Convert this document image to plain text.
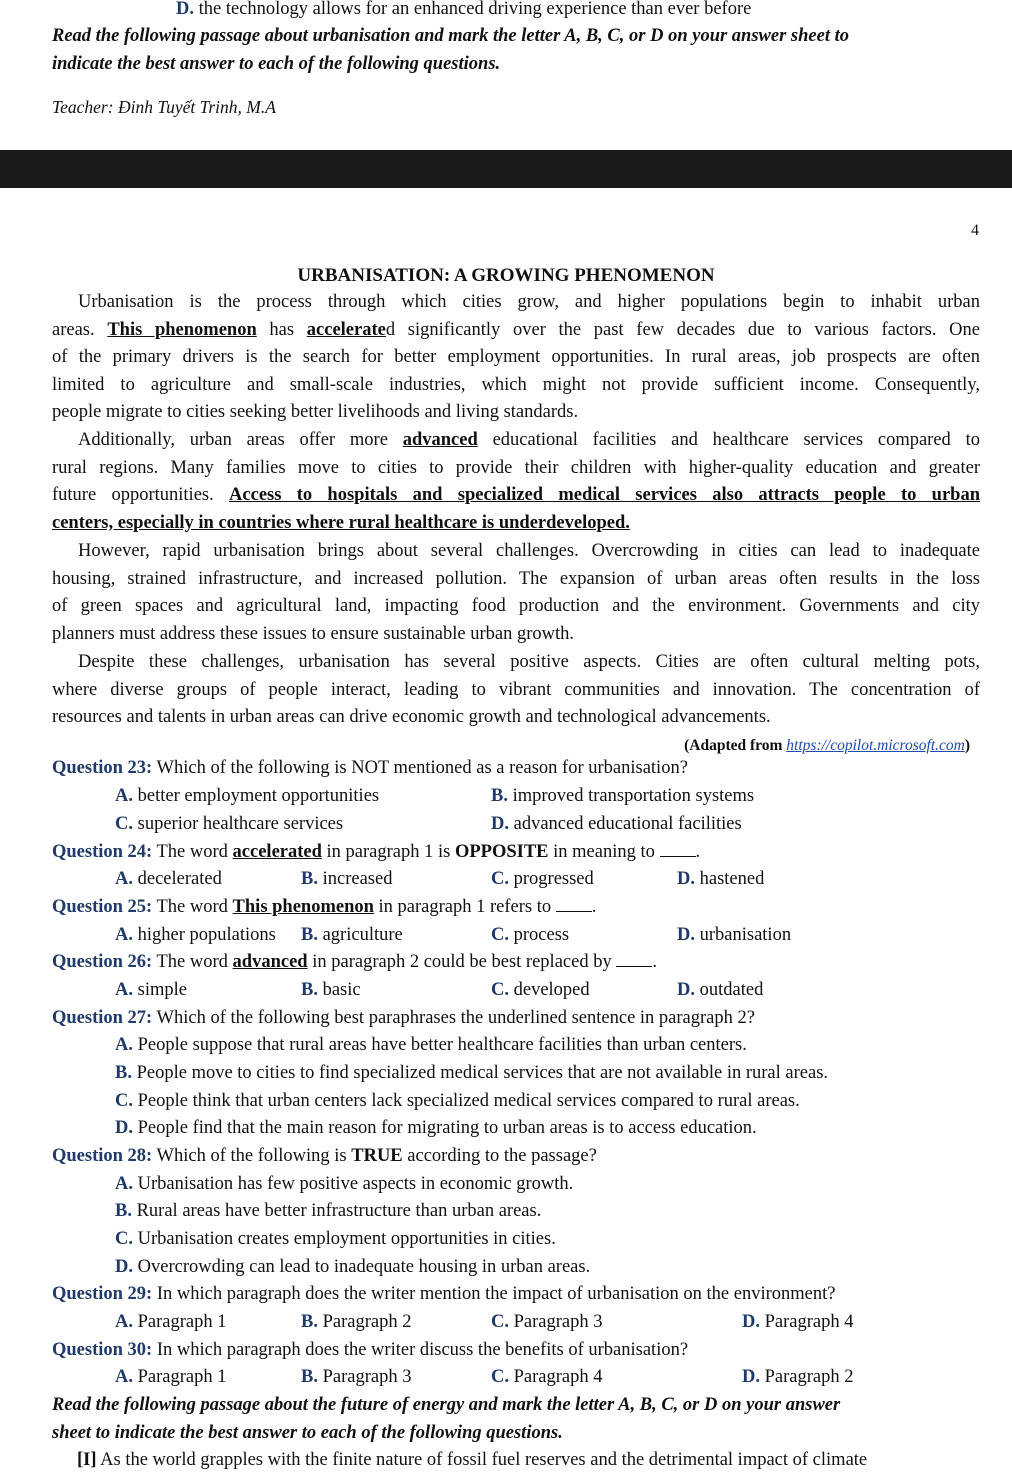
D. the technology allows for an enhanced driving experience than ever before
Read the following passage about urbanisation and mark the letter A, B, C, or D on your answer sheet to
indicate the best answer to each of the following questions.
Teacher: Đinh Tuyết Trinh, M.A
4
URBANISATION: A GROWING PHENOMENON
Urbanisation is the process through which cities grow, and higher populations begin to inhabit urban
areas. This phenomenon has accelerated significantly over the past few decades due to various factors. One
of the primary drivers is the search for better employment opportunities. In rural areas, job prospects are often
limited to agriculture and small-scale industries, which might not provide sufficient income. Consequently,
people migrate to cities seeking better livelihoods and living standards.
Additionally, urban areas offer more advanced educational facilities and healthcare services compared to
rural regions. Many families move to cities to provide their children with higher-quality education and greater
future opportunities. Access to hospitals and specialized medical services also attracts people to urban
centers, especially in countries where rural healthcare is underdeveloped.
However, rapid urbanisation brings about several challenges. Overcrowding in cities can lead to inadequate
housing, strained infrastructure, and increased pollution. The expansion of urban areas often results in the loss
of green spaces and agricultural land, impacting food production and the environment. Governments and city
planners must address these issues to ensure sustainable urban growth.
Despite these challenges, urbanisation has several positive aspects. Cities are often cultural melting pots,
where diverse groups of people interact, leading to vibrant communities and innovation. The concentration of
resources and talents in urban areas can drive economic growth and technological advancements.
(Adapted from https://copilot.microsoft.com)
Question 23: Which of the following is NOT mentioned as a reason for urbanisation?
A. better employment opportunities	B. improved transportation systems
C. superior healthcare services	D. advanced educational facilities
Question 24: The word accelerated in paragraph 1 is OPPOSITE in meaning to .
A. decelerated	B. increased	C. progressed	D. hastened
Question 25: The word This phenomenon in paragraph 1 refers to .
A. higher populations B. agriculture	C. process	D. urbanisation
Question 26: The word advanced in paragraph 2 could be best replaced by .
A. simple	B. basic	C. developed	D. outdated
Question 27: Which of the following best paraphrases the underlined sentence in paragraph 2?
A. People suppose that rural areas have better healthcare facilities than urban centers.
B. People move to cities to find specialized medical services that are not available in rural areas.
C. People think that urban centers lack specialized medical services compared to rural areas.
D. People find that the main reason for migrating to urban areas is to access education.
Question 28: Which of the following is TRUE according to the passage?
A. Urbanisation has few positive aspects in economic growth.
B. Rural areas have better infrastructure than urban areas.
C. Urbanisation creates employment opportunities in cities.
D. Overcrowding can lead to inadequate housing in urban areas.
Question 29: In which paragraph does the writer mention the impact of urbanisation on the environment?
A. Paragraph 1	B. Paragraph 2	C. Paragraph 3	D. Paragraph 4
Question 30: In which paragraph does the writer discuss the benefits of urbanisation?
A. Paragraph 1	B. Paragraph 3	C. Paragraph 4	D. Paragraph 2
Read the following passage about the future of energy and mark the letter A, B, C, or D on your answer
sheet to indicate the best answer to each of the following questions.
[I] As the world grapples with the finite nature of fossil fuel reserves and the detrimental impact of climate
